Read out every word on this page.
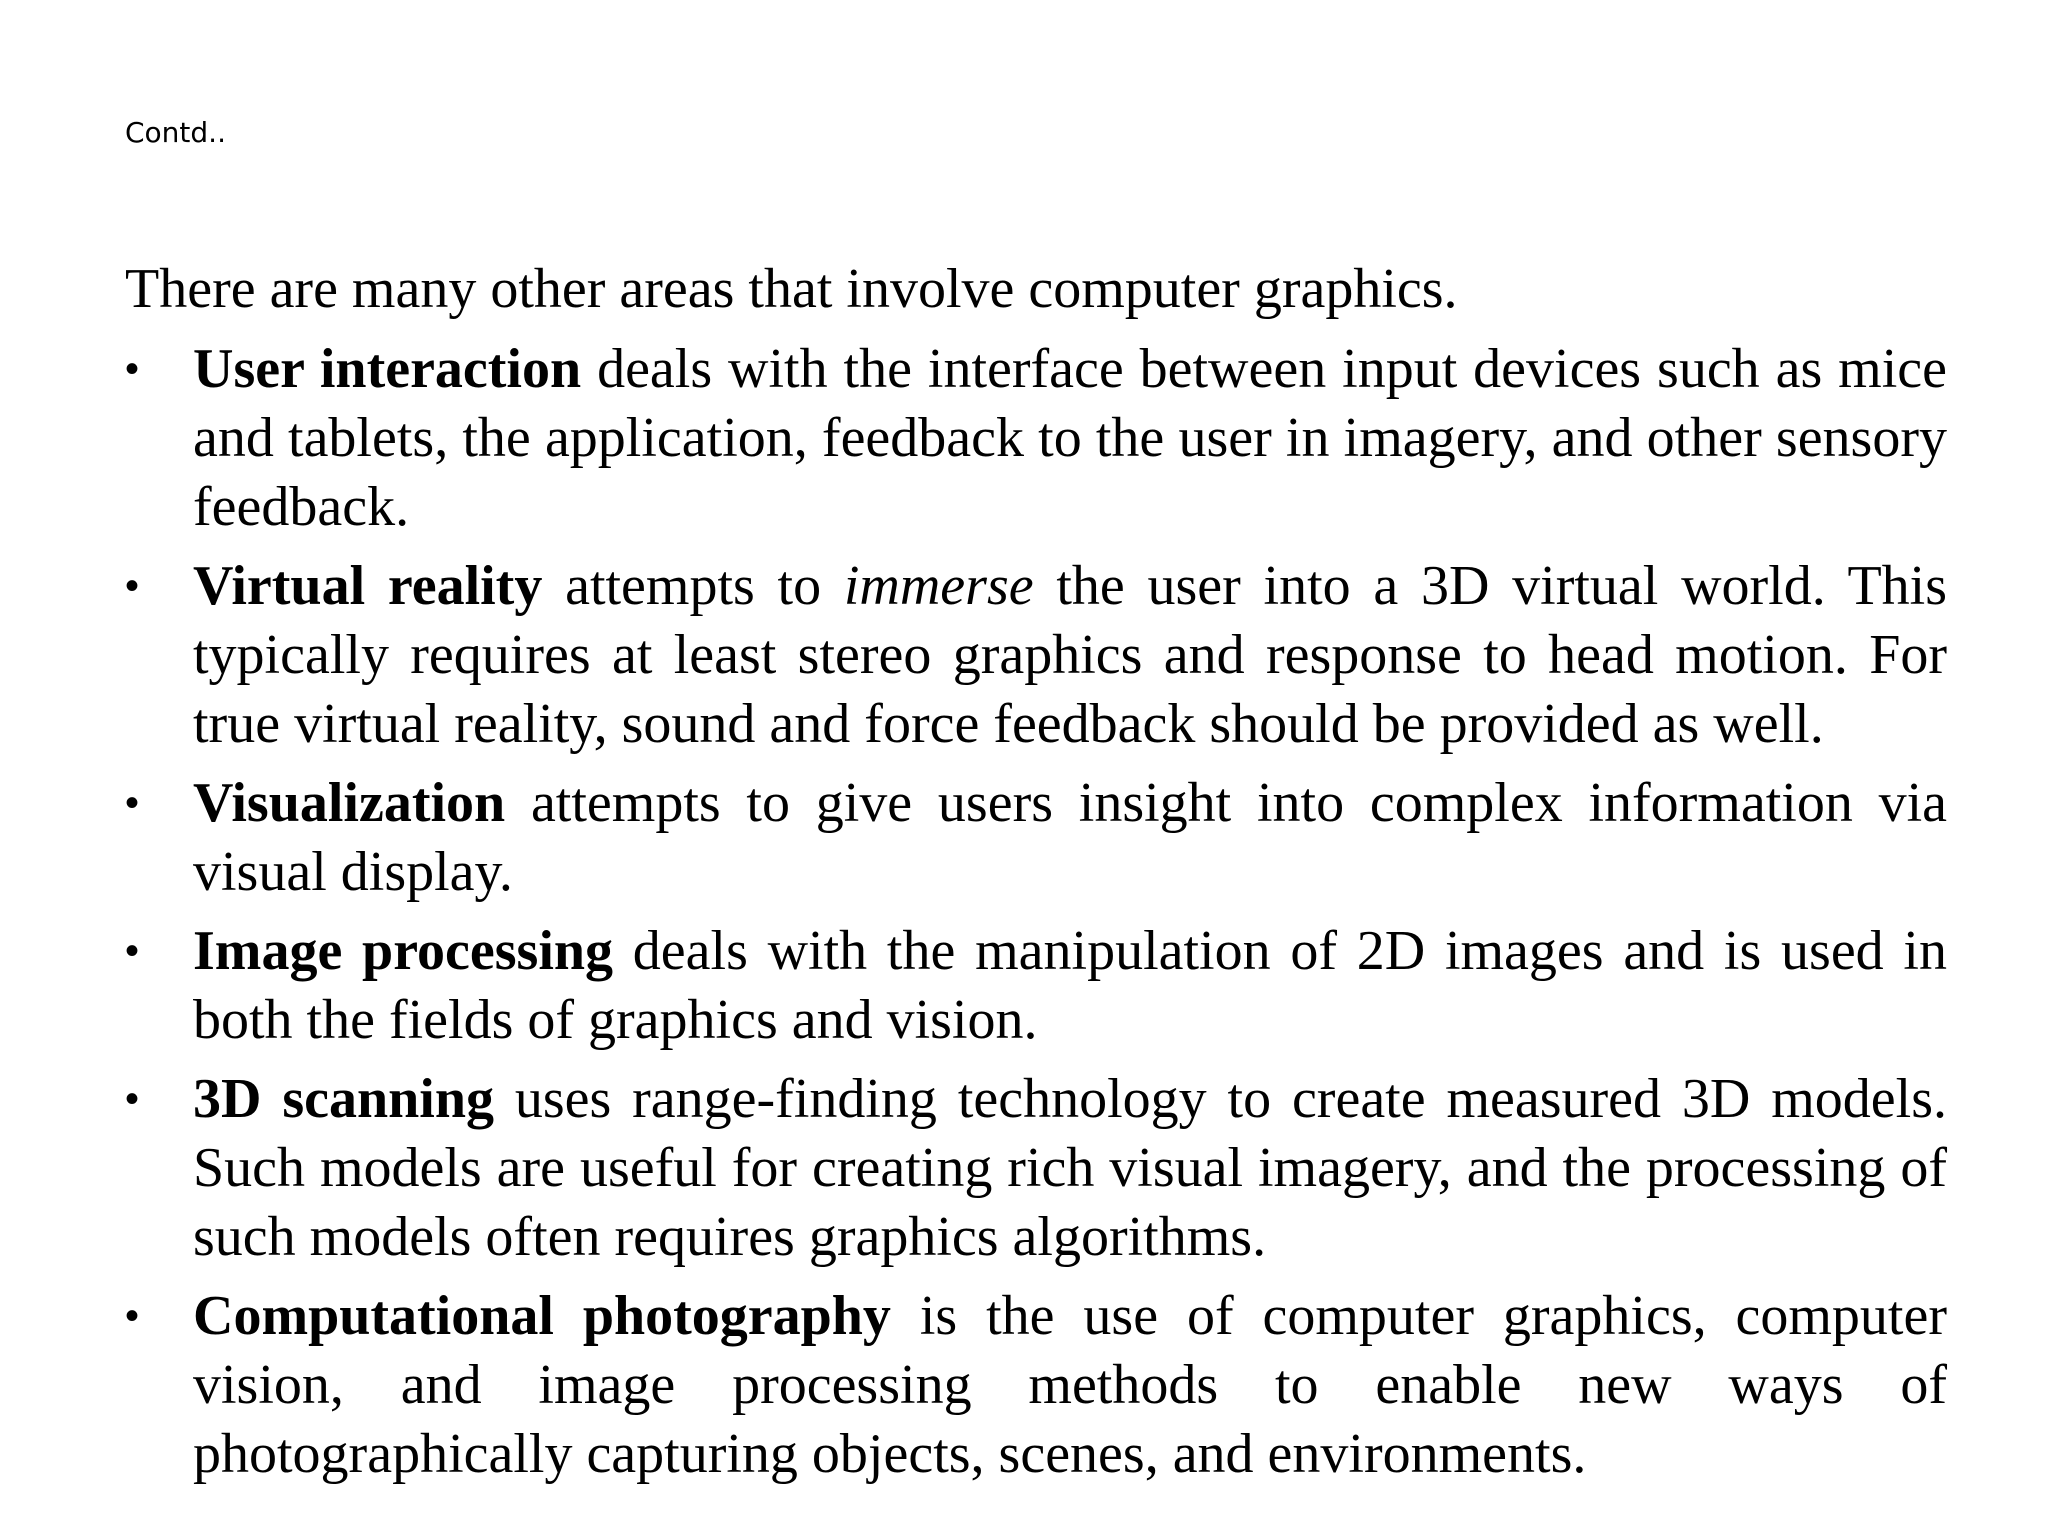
Contd..

There are many other areas that involve computer graphics.

• User interaction deals with the interface between input devices such as mice and tablets, the application, feedback to the user in imagery, and other sensory feedback.
• Virtual reality attempts to immerse the user into a 3D virtual world. This typically requires at least stereo graphics and response to head motion. For true virtual reality, sound and force feedback should be provided as well.
• Visualization attempts to give users insight into complex information via visual display.
• Image processing deals with the manipulation of 2D images and is used in both the fields of graphics and vision.
• 3D scanning uses range-finding technology to create measured 3D models. Such models are useful for creating rich visual imagery, and the processing of such models often requires graphics algorithms.
• Computational photography is the use of computer graphics, computer vision, and image processing methods to enable new ways of photographically capturing objects, scenes, and environments.
